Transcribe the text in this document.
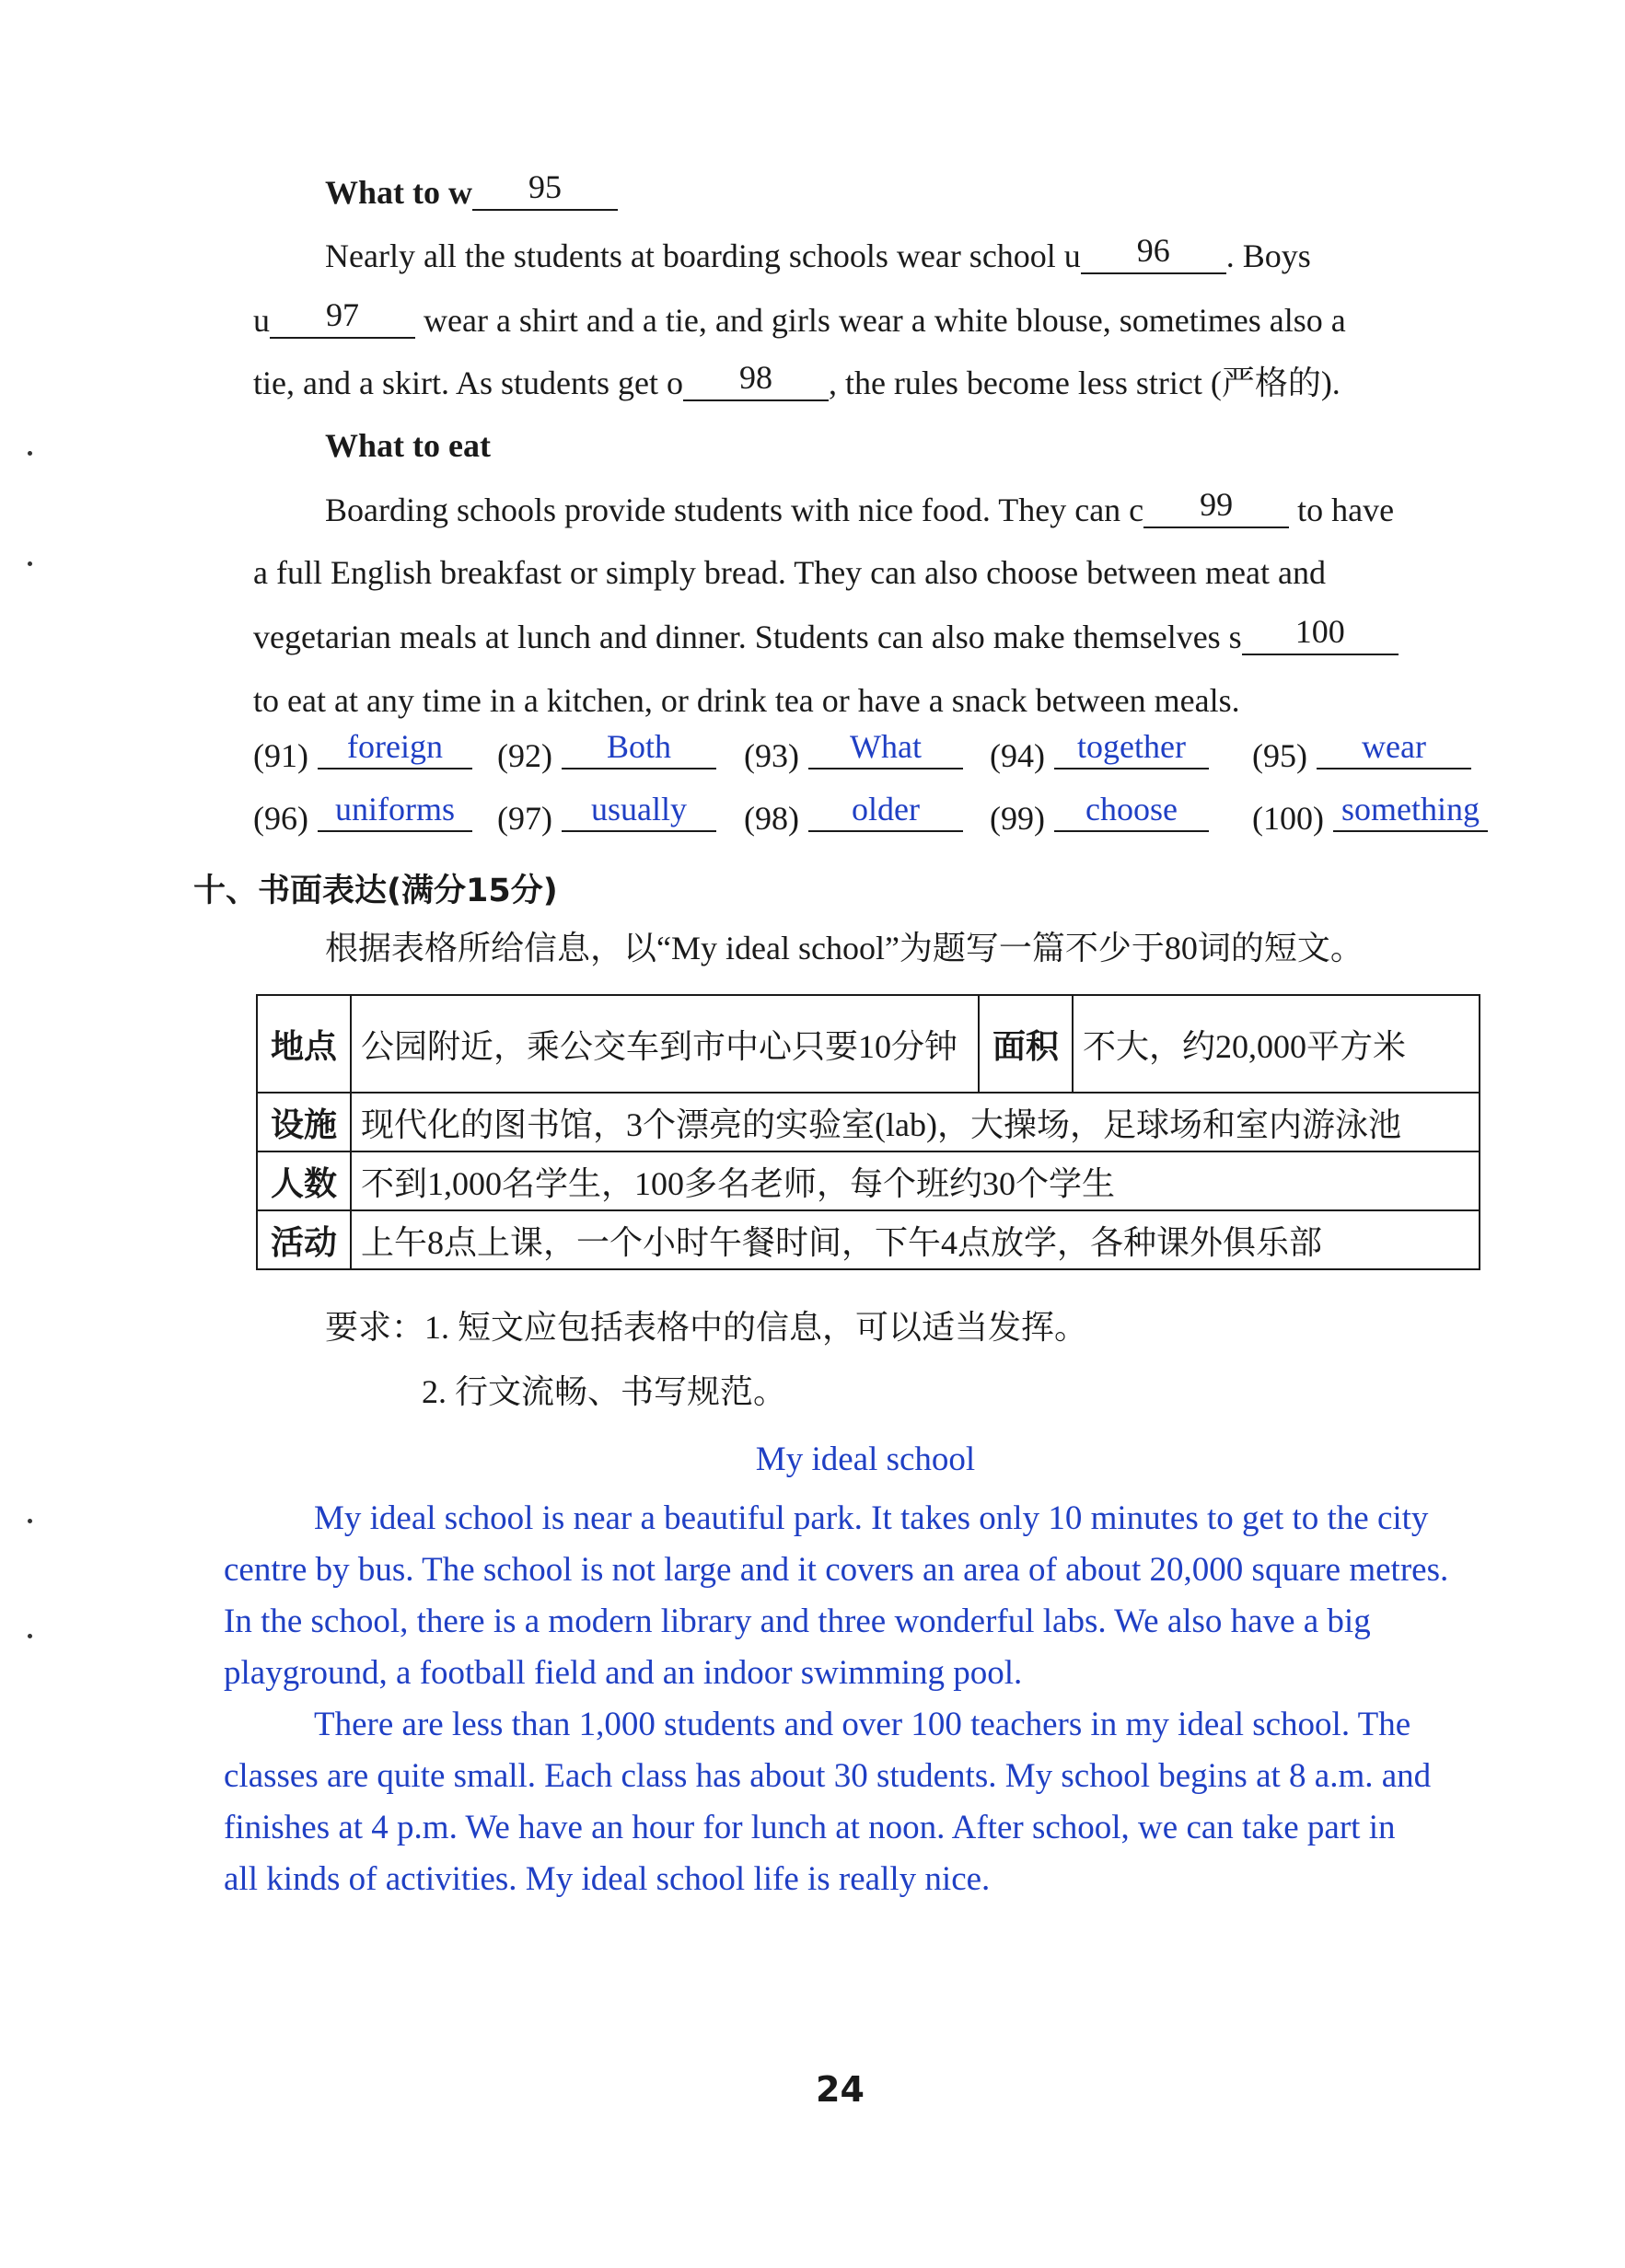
What to w 95
Nearly all the students at boarding schools wear school u 96 . Boys
u 97 wear a shirt and a tie, and girls wear a white blouse, sometimes also a
tie, and a skirt. As students get o 98 , the rules become less strict (严格的).
What to eat
Boarding schools provide students with nice food. They can c 99 to have
a full English breakfast or simply bread. They can also choose between meat and
vegetarian meals at lunch and dinner. Students can also make themselves s 100
to eat at any time in a kitchen, or drink tea or have a snack between meals.
(91)	foreign	(92)	Both	(93)	What	(94) together	(95)	wear
(96) uniforms	(97)	usually	(98)	older	(99)	choose	(100) something
十、书面表达(满分15分)
根据表格所给信息，以“My ideal school”为题写一篇不少于80词的短文。
地点	公园附近，乘公交车到市中心只要10分钟	面积	不大，约20,000平方米
设施	现代化的图书馆，3个漂亮的实验室(lab)，大操场，足球场和室内游泳池		
人数	不到1,000名学生，100多名老师，每个班约30个学生		
活动	上午8点上课，一个小时午餐时间，下午4点放学，各种课外俱乐部		
要求：1. 短文应包括表格中的信息，可以适当发挥。
2. 行文流畅、书写规范。
My ideal school
My ideal school is near a beautiful park. It takes only 10 minutes to get to the city
centre by bus. The school is not large and it covers an area of about 20,000 square metres.
In the school, there is a modern library and three wonderful labs. We also have a big
playground, a football field and an indoor swimming pool.
There are less than 1,000 students and over 100 teachers in my ideal school. The
classes are quite small. Each class has about 30 students. My school begins at 8 a.m. and
finishes at 4 p.m. We have an hour for lunch at noon. After school, we can take part in
all kinds of activities. My ideal school life is really nice.
24
